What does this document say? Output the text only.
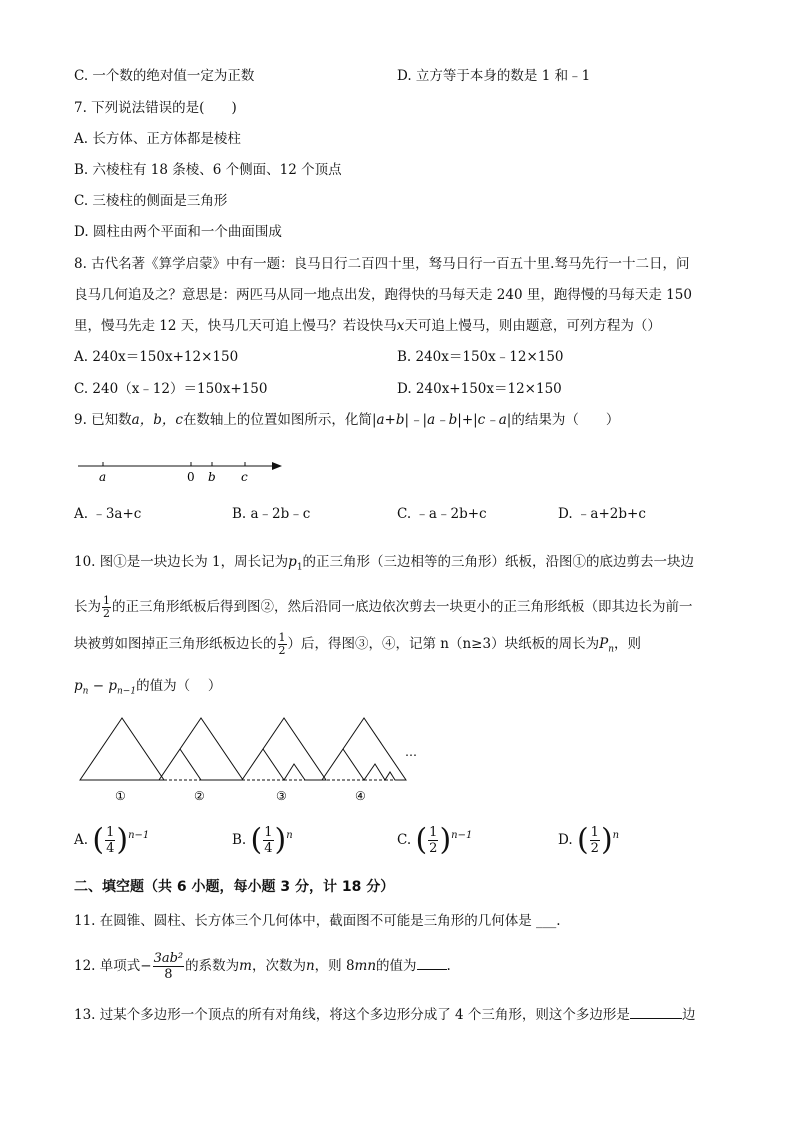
C. 一个数的绝对值一定为正数	D. 立方等于本身的数是 1 和﹣1
7. 下列说法错误的是(　　)
A. 长方体、正方体都是棱柱
B. 六棱柱有 18 条棱、6 个侧面、12 个顶点
C. 三棱柱的侧面是三角形
D. 圆柱由两个平面和一个曲面围成
8. 古代名著《算学启蒙》中有一题：良马日行二百四十里，驽马日行一百五十里.驽马先行一十二日，问
良马几何追及之？意思是：两匹马从同一地点出发，跑得快的马每天走 240 里，跑得慢的马每天走 150
里，慢马先走 12 天，快马几天可追上慢马？若设快马x天可追上慢马，则由题意，可列方程为（）
A. 240x＝150x+12×150	B. 240x＝150x﹣12×150
C. 240（x﹣12）＝150x+150	D. 240x+150x＝12×150
9. 已知数a，b，c在数轴上的位置如图所示，化简|a+b|﹣|a﹣b|+|c﹣a|的结果为（　　）
a	0 b c
A. ﹣3a+c	B. a﹣2b﹣c	C. ﹣a﹣2b+c	D. ﹣a+2b+c
10. 图①是一块边长为 1，周长记为$p_1$的正三角形（三边相等的三角形）纸板，沿图①的底边剪去一块边
长为 $\frac{1}{2}$ 的正三角形纸板后得到图②，然后沿同一底边依次剪去一块更小的正三角形纸板（即其边长为前一
块被剪如图掉正三角形纸板边长的 $\frac{1}{2}$ ）后，得图③，④，记第 n（n≥3）块纸板的周长为$P_n$，则
$p_n - p_{n-1}$的值为（　 ）
…
①	②	③	④
A. ( $\frac{1}{4} )^{n-1}$	B. ( $\frac{1}{4} )^n$	C. ( $\frac{1}{2} )^{n-1}$	D. ( $\frac{1}{2} )^n$
二、填空题（共 6 小题，每小题 3 分，计 18 分）
11. 在圆锥、圆柱、长方体三个几何体中，截面图不可能是三角形的几何体是 ___.
12. 单项式− $\frac{\text{3ab²}}{8}$ 的系数为m，次数为n，则 8mn的值为 .
13. 过某个多边形一个顶点的所有对角线，将这个多边形分成了 4 个三角形，则这个多边形是	边
